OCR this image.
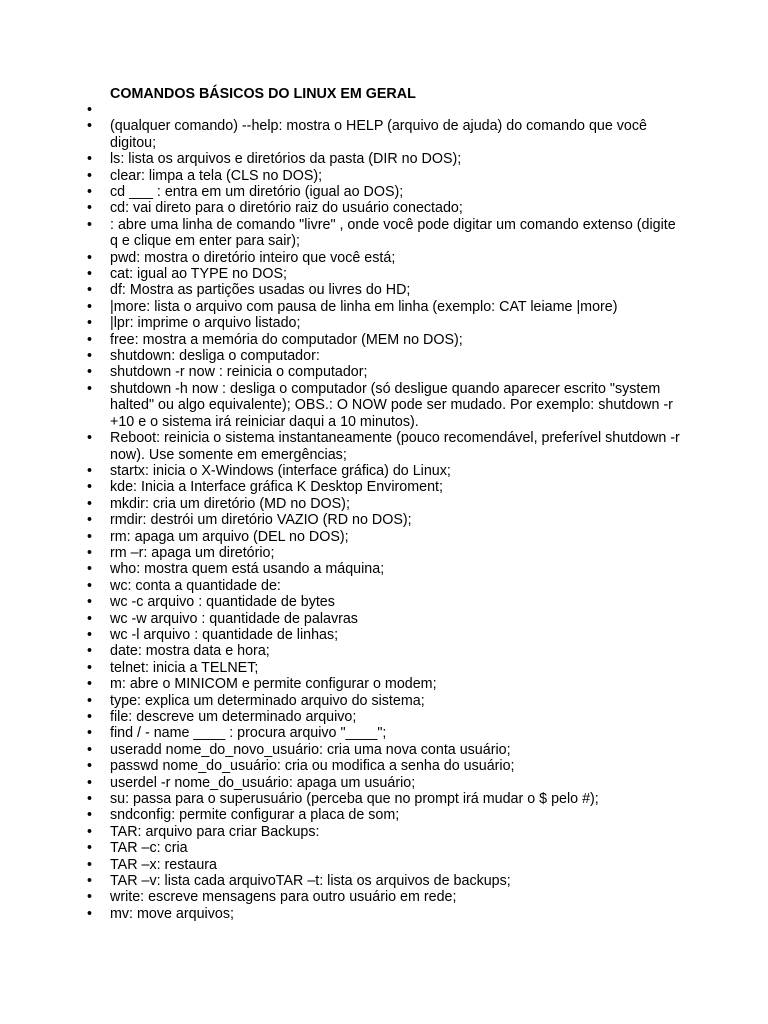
COMANDOS BÁSICOS DO LINUX EM GERAL
•
• (qualquer comando) --help: mostra o HELP (arquivo de ajuda) do comando que você digitou;
• ls: lista os arquivos e diretórios da pasta (DIR no DOS);
• clear: limpa a tela (CLS no DOS);
• cd ___ : entra em um diretório (igual ao DOS);
• cd: vai direto para o diretório raiz do usuário conectado;
• : abre uma linha de comando "livre" , onde você pode digitar um comando extenso (digite q e clique em enter para sair);
• pwd: mostra o diretório inteiro que você está;
• cat: igual ao TYPE no DOS;
• df: Mostra as partições usadas ou livres do HD;
• |more: lista o arquivo com pausa de linha em linha (exemplo: CAT leiame |more)
• |lpr: imprime o arquivo listado;
• free: mostra a memória do computador (MEM no DOS);
• shutdown: desliga o computador:
• shutdown -r now : reinicia o computador;
• shutdown -h now : desliga o computador (só desligue quando aparecer escrito "system halted" ou algo equivalente); OBS.: O NOW pode ser mudado. Por exemplo: shutdown -r +10 e o sistema irá reiniciar daqui a 10 minutos).
• Reboot: reinicia o sistema instantaneamente (pouco recomendável, preferível shutdown -r now). Use somente em emergências;
• startx: inicia o X-Windows (interface gráfica) do Linux;
• kde: Inicia a Interface gráfica K Desktop Enviroment;
• mkdir: cria um diretório (MD no DOS);
• rmdir: destrói um diretório VAZIO (RD no DOS);
• rm: apaga um arquivo (DEL no DOS);
• rm –r: apaga um diretório;
• who: mostra quem está usando a máquina;
• wc: conta a quantidade de:
• wc -c arquivo : quantidade de bytes
• wc -w arquivo : quantidade de palavras
• wc -l arquivo : quantidade de linhas;
• date: mostra data e hora;
• telnet: inicia a TELNET;
• m: abre o MINICOM e permite configurar o modem;
• type: explica um determinado arquivo do sistema;
• file: descreve um determinado arquivo;
• find / - name ____ : procura arquivo "____";
• useradd nome_do_novo_usuário: cria uma nova conta usuário;
• passwd nome_do_usuário: cria ou modifica a senha do usuário;
• userdel -r nome_do_usuário: apaga um usuário;
• su: passa para o superusuário (perceba que no prompt irá mudar o $ pelo #);
• sndconfig: permite configurar a placa de som;
• TAR: arquivo para criar Backups:
• TAR –c: cria
• TAR –x: restaura
• TAR –v: lista cada arquivoTAR –t: lista os arquivos de backups;
• write: escreve mensagens para outro usuário em rede;
• mv: move arquivos;
